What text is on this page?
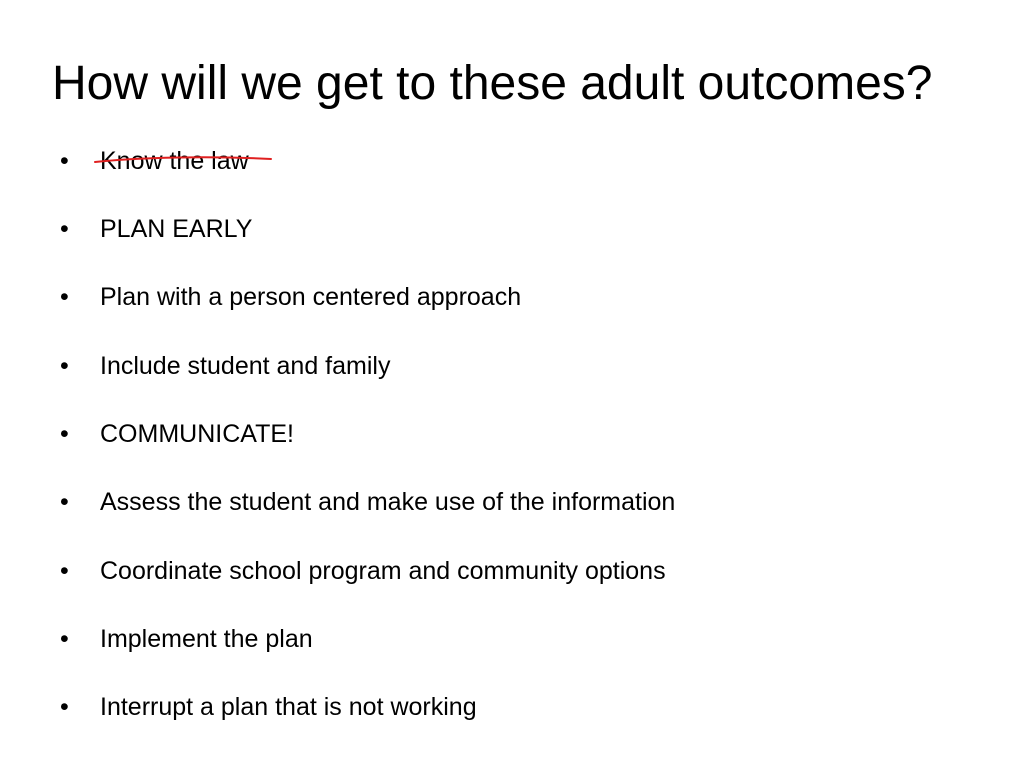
How will we get to these adult outcomes?
• Know the law
• PLAN EARLY
• Plan with a person centered approach
• Include student and family
• COMMUNICATE!
• Assess the student and make use of the information
• Coordinate school program and community options
• Implement the plan
• Interrupt a plan that is not working
